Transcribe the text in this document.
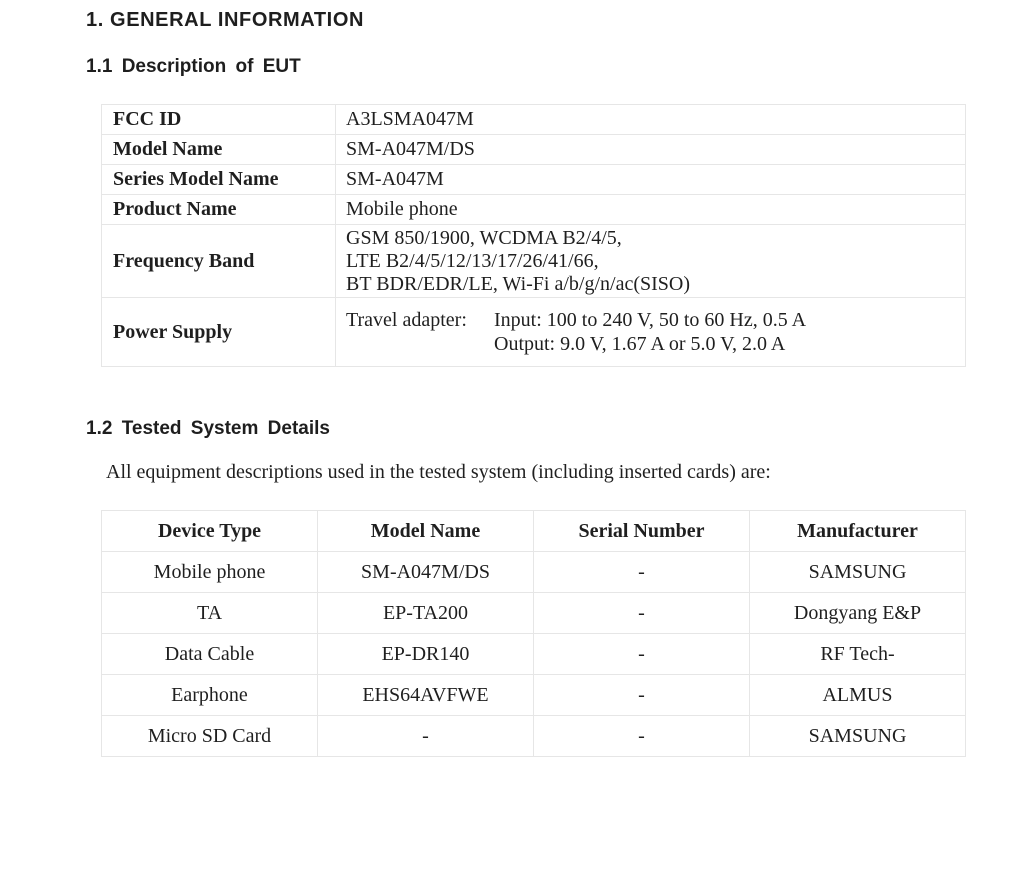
1. GENERAL INFORMATION
1.1 Description of EUT
FCC ID	A3LSMA047M
Model Name	SM-A047M/DS
Series Model Name	SM-A047M
Product Name	Mobile phone
Frequency Band	GSM 850/1900, WCDMA B2/4/5,
LTE B2/4/5/12/13/17/26/41/66,
BT BDR/EDR/LE, Wi-Fi a/b/g/n/ac(SISO)

Power Supply	Travel adapter: Input: 100 to 240 V, 50 to 60 Hz, 0.5 A
Output: 9.0 V, 1.67 A or 5.0 V, 2.0 A
1.2 Tested System Details
All equipment descriptions used in the tested system (including inserted cards) are:
Device Type	Model Name	Serial Number	Manufacturer
Mobile phone	SM-A047M/DS	-	SAMSUNG
TA	EP-TA200	-	Dongyang E&P
Data Cable	EP-DR140	-	RF Tech-
Earphone	EHS64AVFWE	-	ALMUS
Micro SD Card	-	-	SAMSUNG
